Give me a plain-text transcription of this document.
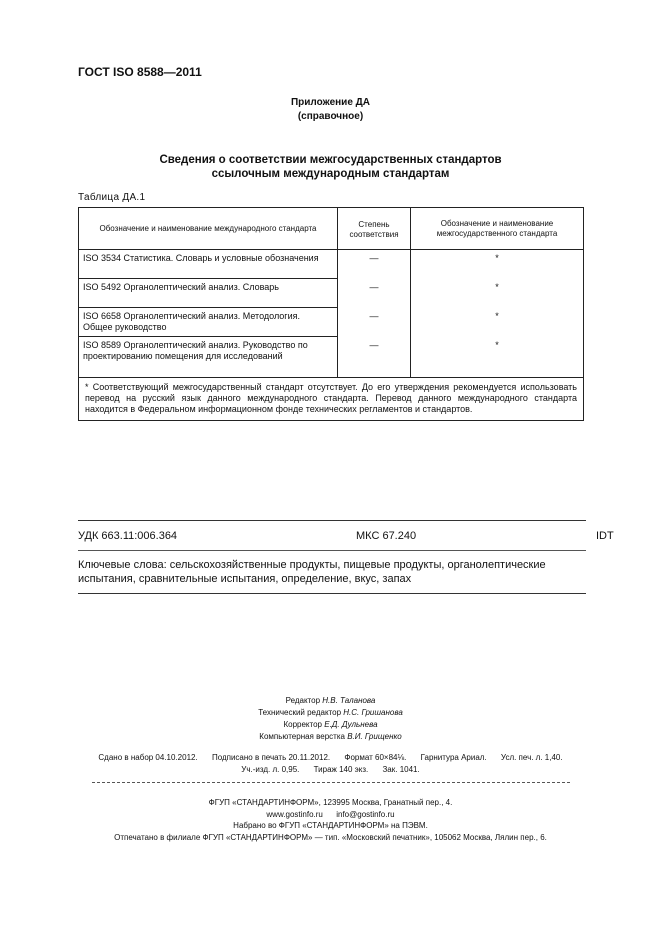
ГОСТ ISO 8588—2011
Приложение ДА
(справочное)
Сведения о соответствии межгосударственных стандартов
ссылочным международным стандартам
Таблица ДА.1
Обозначение и наименование международного стандарта	Степень соответствия	Обозначение и наименование межгосударственного стандарта
ISO 3534 Статистика. Словарь и условные обозначения	—	*
ISO 5492 Органолептический анализ. Словарь	—	*
ISO 6658 Органолептический анализ. Методология. Общее руководство	—	*
ISO 8589 Органолептический анализ. Руководство по проектированию помещения для исследований	—	*
* Соответствующий межгосударственный стандарт отсутствует. До его утверждения рекомендуется использовать перевод на русский язык данного международного стандарта. Перевод данного международного стандарта находится в Федеральном информационном фонде технических регламентов и стандартов.		
УДК 663.11:006.364	МКС 67.240	IDT
Ключевые слова: сельскохозяйственные продукты, пищевые продукты, органолептические испытания, сравнительные испытания, определение, вкус, запах
Редактор Н.В. Таланова
Технический редактор Н.С. Гришанова
Корректор Е.Д. Дульнева
Компьютерная верстка В.И. Грищенко
Сдано в набор 04.10.2012. Подписано в печать 20.11.2012. Формат 60×84⅛. Гарнитура Ариал. Усл. печ. л. 1,40.
Уч.-изд. л. 0,95. Тираж 140 экз. Зак. 1041.
ФГУП «СТАНДАРТИНФОРМ», 123995 Москва, Гранатный пер., 4.
www.gostinfo.ru info@gostinfo.ru
Набрано во ФГУП «СТАНДАРТИНФОРМ» на ПЭВМ.
Отпечатано в филиале ФГУП «СТАНДАРТИНФОРМ» — тип. «Московский печатник», 105062 Москва, Лялин пер., 6.
